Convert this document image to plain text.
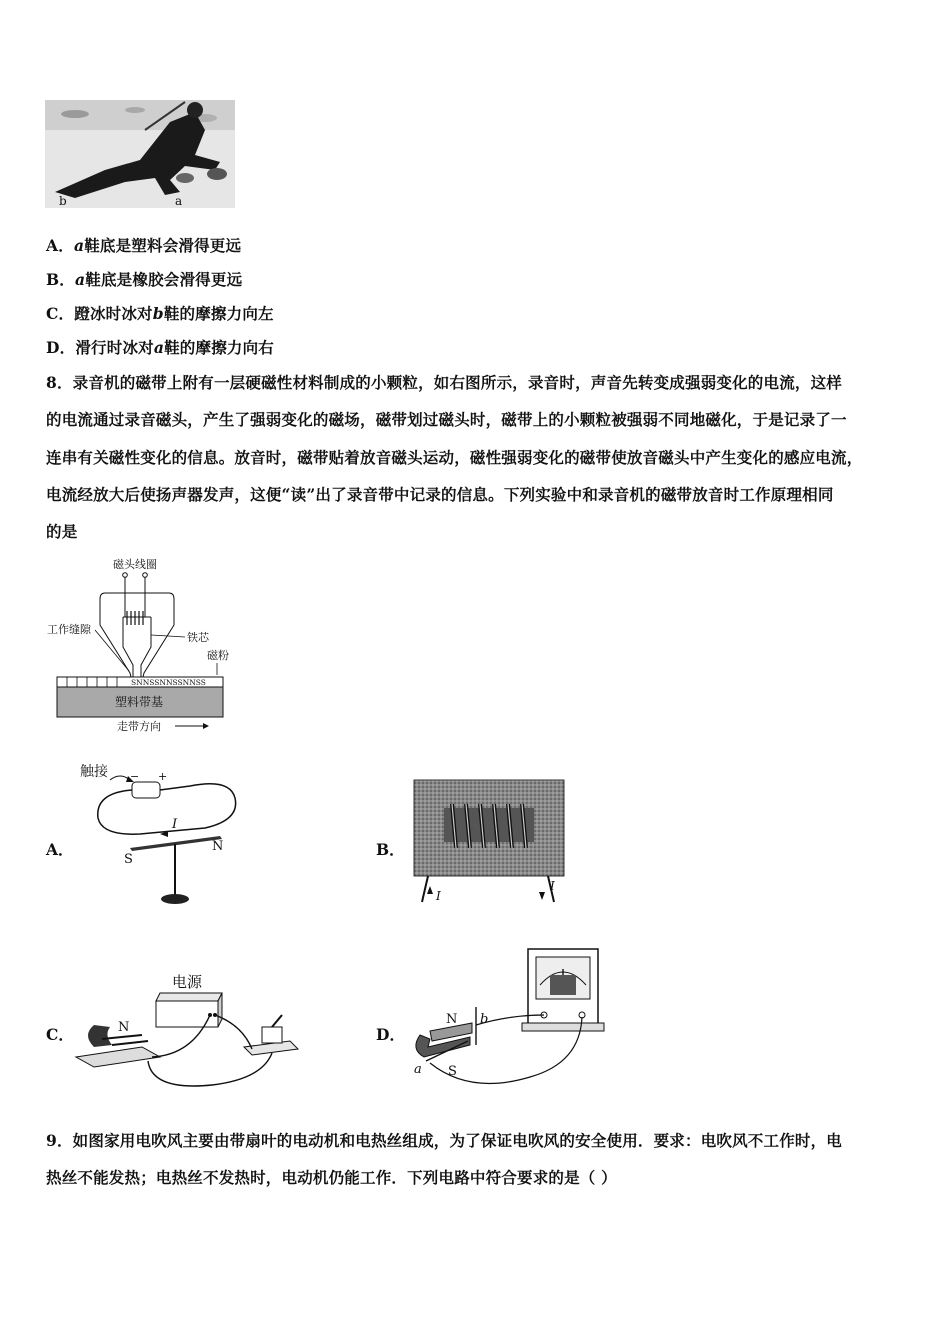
b	a
A．a鞋底是塑料会滑得更远
B．a鞋底是橡胶会滑得更远
C．蹬冰时冰对b鞋的摩擦力向左
D．滑行时冰对a鞋的摩擦力向右
8．录音机的磁带上附有一层硬磁性材料制成的小颗粒，如右图所示，录音时，声音先转变成强弱变化的电流，这样
的电流通过录音磁头，产生了强弱变化的磁场，磁带划过磁头时，磁带上的小颗粒被强弱不同地磁化，于是记录了一
连串有关磁性变化的信息。放音时，磁带贴着放音磁头运动，磁性强弱变化的磁带使放音磁头中产生变化的感应电流，
电流经放大后使扬声器发声，这便“读”出了录音带中记录的信息。下列实验中和录音机的磁带放音时工作原理相同
的是
磁头线圈
工作缝隙
铁芯
磁粉
SNNSSNNSSNNSS
塑料带基
走带方向
A．
触接 − +
I
S
N	B．
I
I
C．
电源
N	D．
N
S
a
b
9．如图家用电吹风主要由带扇叶的电动机和电热丝组成，为了保证电吹风的安全使用．要求：电吹风不工作时，电
热丝不能发热；电热丝不发热时，电动机仍能工作．下列电路中符合要求的是（ ）
